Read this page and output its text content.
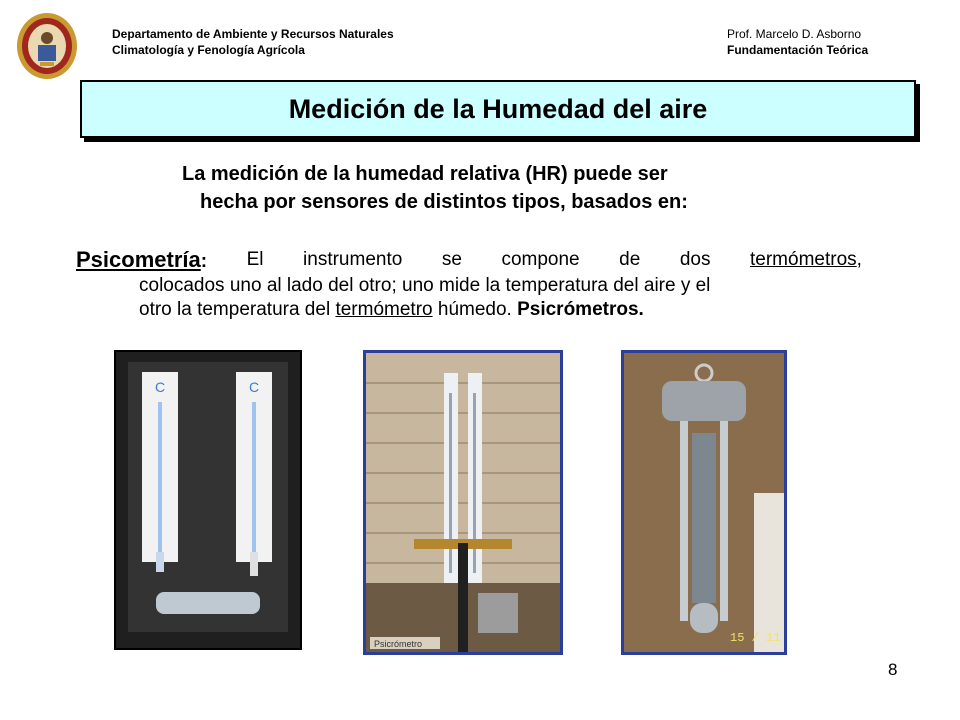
Departamento de Ambiente y Recursos Naturales
Climatología y Fenología Agrícola
Prof. Marcelo D. Asborno
Fundamentación Teórica
Medición de la Humedad del aire
La medición de la humedad relativa (HR) puede ser
hecha por sensores de distintos tipos, basados en:
Psicometría: El instrumento se compone de dos termómetros,
colocados uno al lado del otro; uno mide la temperatura del aire y el
otro la temperatura del termómetro húmedo. Psicrómetros.
C	C
Psicrómetro	15 / 11
8
